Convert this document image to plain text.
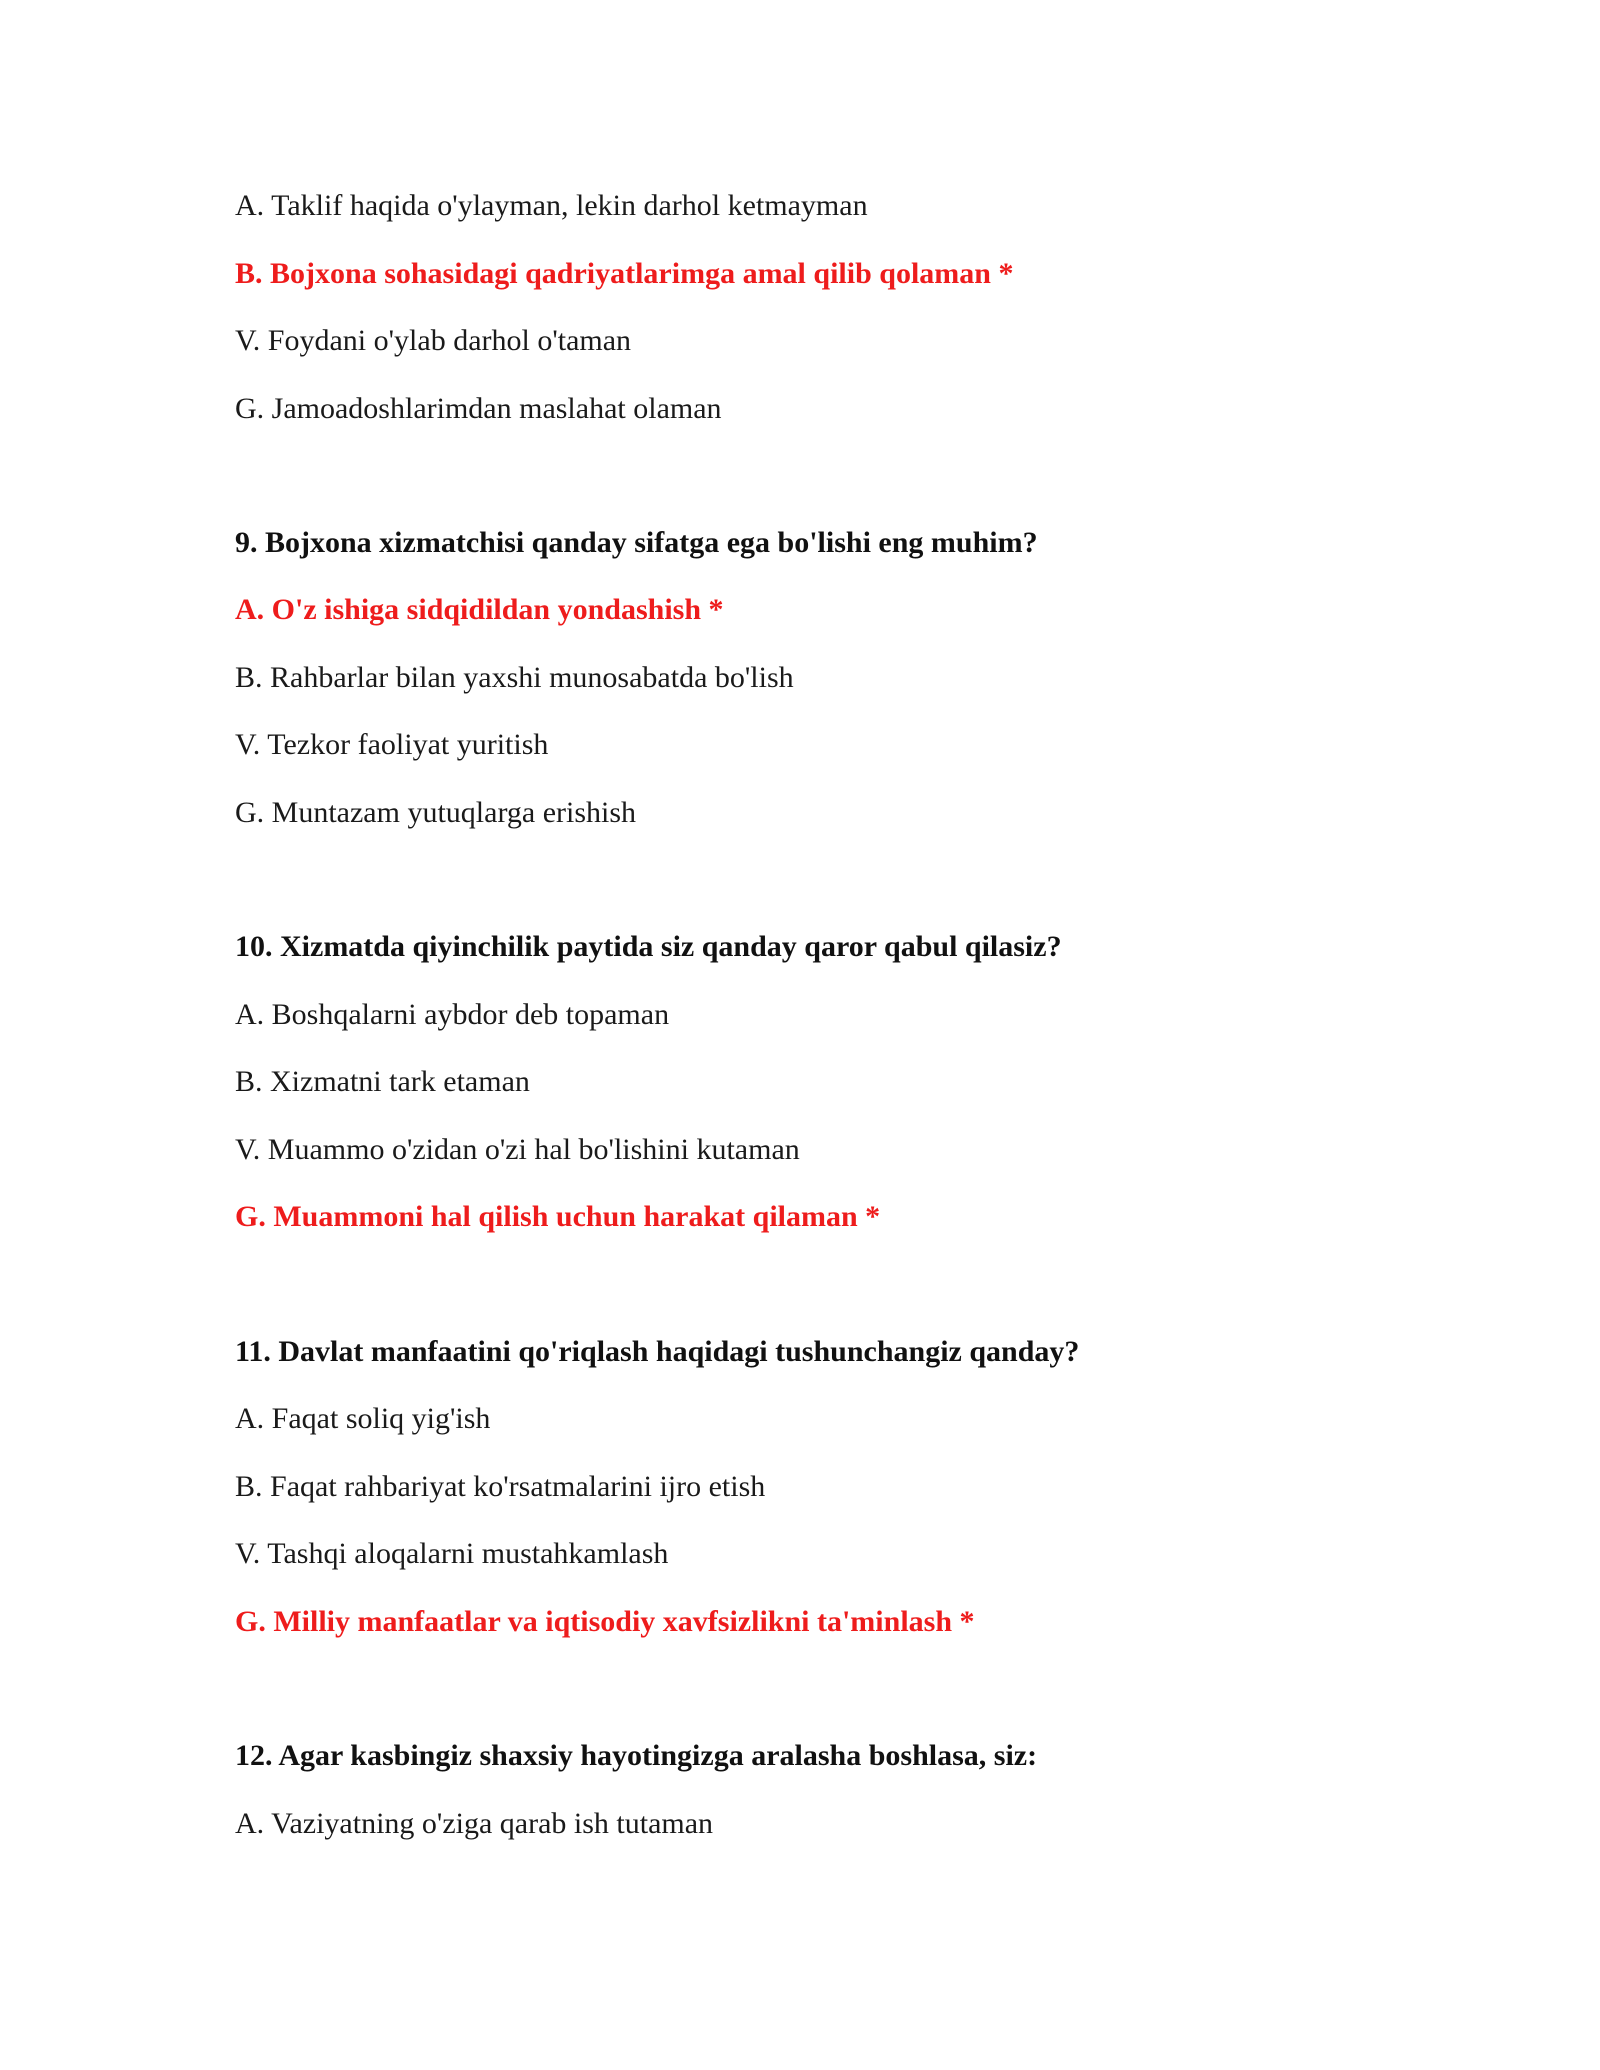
A. Taklif haqida o'ylayman, lekin darhol ketmayman
B. Bojxona sohasidagi qadriyatlarimga amal qilib qolaman *
V. Foydani o'ylab darhol o'taman
G. Jamoadoshlarimdan maslahat olaman
9. Bojxona xizmatchisi qanday sifatga ega bo'lishi eng muhim?
A. O'z ishiga sidqidildan yondashish *
B. Rahbarlar bilan yaxshi munosabatda bo'lish
V. Tezkor faoliyat yuritish
G. Muntazam yutuqlarga erishish
10. Xizmatda qiyinchilik paytida siz qanday qaror qabul qilasiz?
A. Boshqalarni aybdor deb topaman
B. Xizmatni tark etaman
V. Muammo o'zidan o'zi hal bo'lishini kutaman
G. Muammoni hal qilish uchun harakat qilaman *
11. Davlat manfaatini qo'riqlash haqidagi tushunchangiz qanday?
A. Faqat soliq yig'ish
B. Faqat rahbariyat ko'rsatmalarini ijro etish
V. Tashqi aloqalarni mustahkamlash
G. Milliy manfaatlar va iqtisodiy xavfsizlikni ta'minlash *
12. Agar kasbingiz shaxsiy hayotingizga aralasha boshlasa, siz:
A. Vaziyatning o'ziga qarab ish tutaman
